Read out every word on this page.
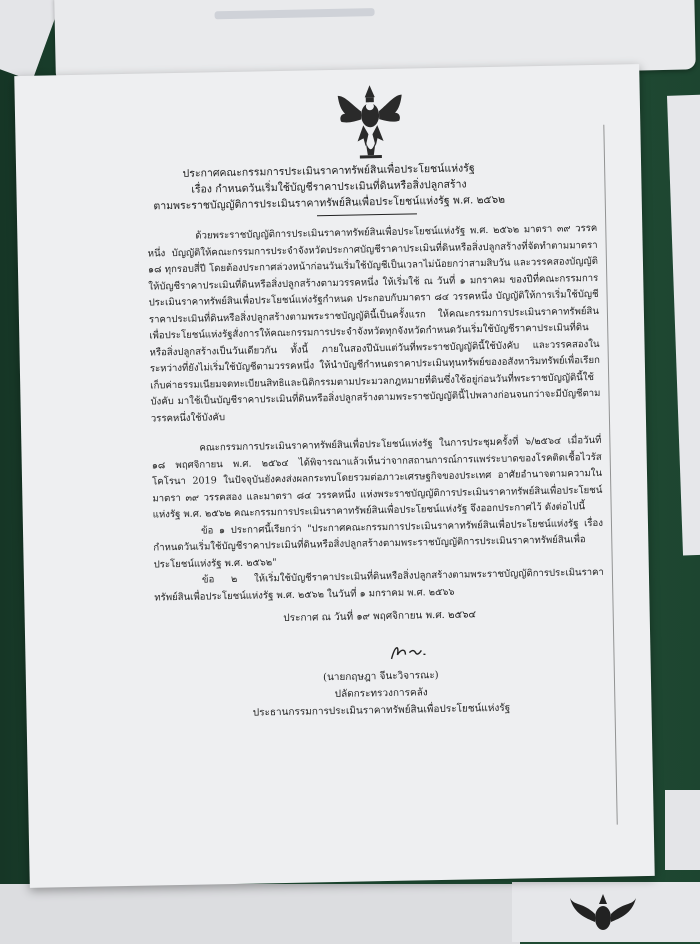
ประกาศคณะกรรมการประเมินราคาทรัพย์สินเพื่อประโยชน์แห่งรัฐ
เรื่อง กำหนดวันเริ่มใช้บัญชีราคาประเมินที่ดินหรือสิ่งปลูกสร้าง
ตามพระราชบัญญัติการประเมินราคาทรัพย์สินเพื่อประโยชน์แห่งรัฐ พ.ศ. ๒๕๖๒

ด้วยพระราชบัญญัติการประเมินราคาทรัพย์สินเพื่อประโยชน์แห่งรัฐ พ.ศ. ๒๕๖๒ มาตรา ๓๙ วรรคหนึ่ง บัญญัติให้คณะกรรมการประจำจังหวัดประกาศบัญชีราคาประเมินที่ดินหรือสิ่งปลูกสร้างที่จัดทำตามมาตรา ๑๘ ทุกรอบสี่ปี โดยต้องประกาศล่วงหน้าก่อนวันเริ่มใช้บัญชีเป็นเวลาไม่น้อยกว่าสามสิบวัน และวรรคสองบัญญัติให้บัญชีราคาประเมินที่ดินหรือสิ่งปลูกสร้างตามวรรคหนึ่ง ให้เริ่มใช้ ณ วันที่ ๑ มกราคม ของปีที่คณะกรรมการประเมินราคาทรัพย์สินเพื่อประโยชน์แห่งรัฐกำหนด ประกอบกับมาตรา ๘๔ วรรคหนึ่ง บัญญัติให้การเริ่มใช้บัญชีราคาประเมินที่ดินหรือสิ่งปลูกสร้างตามพระราชบัญญัตินี้เป็นครั้งแรก ให้คณะกรรมการประเมินราคาทรัพย์สินเพื่อประโยชน์แห่งรัฐสั่งการให้คณะกรรมการประจำจังหวัดทุกจังหวัดกำหนดวันเริ่มใช้บัญชีราคาประเมินที่ดินหรือสิ่งปลูกสร้างเป็นวันเดียวกัน ทั้งนี้ ภายในสองปีนับแต่วันที่พระราชบัญญัตินี้ใช้บังคับ และวรรคสองในระหว่างที่ยังไม่เริ่มใช้บัญชีตามวรรคหนึ่ง ให้นำบัญชีกำหนดราคาประเมินทุนทรัพย์ของอสังหาริมทรัพย์เพื่อเรียกเก็บค่าธรรมเนียมจดทะเบียนสิทธิและนิติกรรมตามประมวลกฎหมายที่ดินซึ่งใช้อยู่ก่อนวันที่พระราชบัญญัตินี้ใช้บังคับ มาใช้เป็นบัญชีราคาประเมินที่ดินหรือสิ่งปลูกสร้างตามพระราชบัญญัตินี้ไปพลางก่อนจนกว่าจะมีบัญชีตามวรรคหนึ่งใช้บังคับ

คณะกรรมการประเมินราคาทรัพย์สินเพื่อประโยชน์แห่งรัฐ ในการประชุมครั้งที่ ๖/๒๕๖๔ เมื่อวันที่ ๑๘ พฤศจิกายน พ.ศ. ๒๕๖๔ ได้พิจารณาแล้วเห็นว่าจากสถานการณ์การแพร่ระบาดของโรคติดเชื้อไวรัสโคโรนา 2019 ในปัจจุบันยังคงส่งผลกระทบโดยรวมต่อภาวะเศรษฐกิจของประเทศ อาศัยอำนาจตามความในมาตรา ๓๙ วรรคสอง และมาตรา ๘๔ วรรคหนึ่ง แห่งพระราชบัญญัติการประเมินราคาทรัพย์สินเพื่อประโยชน์แห่งรัฐ พ.ศ. ๒๕๖๒ คณะกรรมการประเมินราคาทรัพย์สินเพื่อประโยชน์แห่งรัฐ จึงออกประกาศไว้ ดังต่อไปนี้

ข้อ ๑ ประกาศนี้เรียกว่า "ประกาศคณะกรรมการประเมินราคาทรัพย์สินเพื่อประโยชน์แห่งรัฐ เรื่อง กำหนดวันเริ่มใช้บัญชีราคาประเมินที่ดินหรือสิ่งปลูกสร้างตามพระราชบัญญัติการประเมินราคาทรัพย์สินเพื่อประโยชน์แห่งรัฐ พ.ศ. ๒๕๖๒"

ข้อ ๒ ให้เริ่มใช้บัญชีราคาประเมินที่ดินหรือสิ่งปลูกสร้างตามพระราชบัญญัติการประเมินราคาทรัพย์สินเพื่อประโยชน์แห่งรัฐ พ.ศ. ๒๕๖๒ ในวันที่ ๑ มกราคม พ.ศ. ๒๕๖๖

ประกาศ ณ วันที่ ๑๙ พฤศจิกายน พ.ศ. ๒๕๖๔
(นายกฤษฎา จีนะวิจารณะ)
ปลัดกระทรวงการคลัง
ประธานกรรมการประเมินราคาทรัพย์สินเพื่อประโยชน์แห่งรัฐ
